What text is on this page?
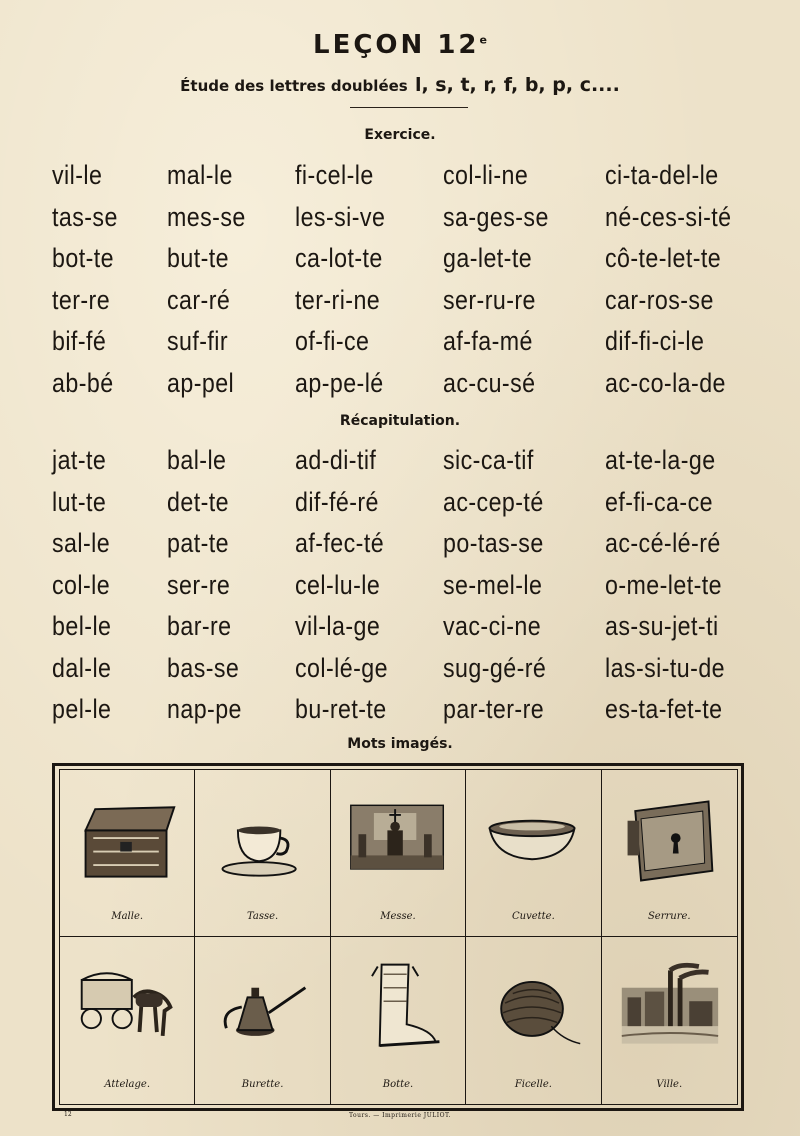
LEÇON 12e
Étude des lettres doublées l, s, t, r, f, b, p, c....
Exercice.
vil-le	mal-le	fi-cel-le	col-li-ne	ci-ta-del-le
tas-se	mes-se	les-si-ve	sa-ges-se	né-ces-si-té
bot-te	but-te	ca-lot-te	ga-let-te	cô-te-let-te
ter-re	car-ré	ter-ri-ne	ser-ru-re	car-ros-se
bif-fé	suf-fir	of-fi-ce	af-fa-mé	dif-fi-ci-le
ab-bé	ap-pel	ap-pe-lé	ac-cu-sé	ac-co-la-de
Récapitulation.
jat-te	bal-le	ad-di-tif	sic-ca-tif	at-te-la-ge
lut-te	det-te	dif-fé-ré	ac-cep-té	ef-fi-ca-ce
sal-le	pat-te	af-fec-té	po-tas-se	ac-cé-lé-ré
col-le	ser-re	cel-lu-le	se-mel-le	o-me-let-te
bel-le	bar-re	vil-la-ge	vac-ci-ne	as-su-jet-ti
dal-le	bas-se	col-lé-ge	sug-gé-ré	las-si-tu-de
pel-le	nap-pe	bu-ret-te	par-ter-re	es-ta-fet-te
Mots imagés.
Malle.	Tasse.	Messe.	Cuvette.	Serrure.
Attelage.	Burette.	Botte.	Ficelle.	Ville.
12	Tours. — Imprimerie JULIOT.
